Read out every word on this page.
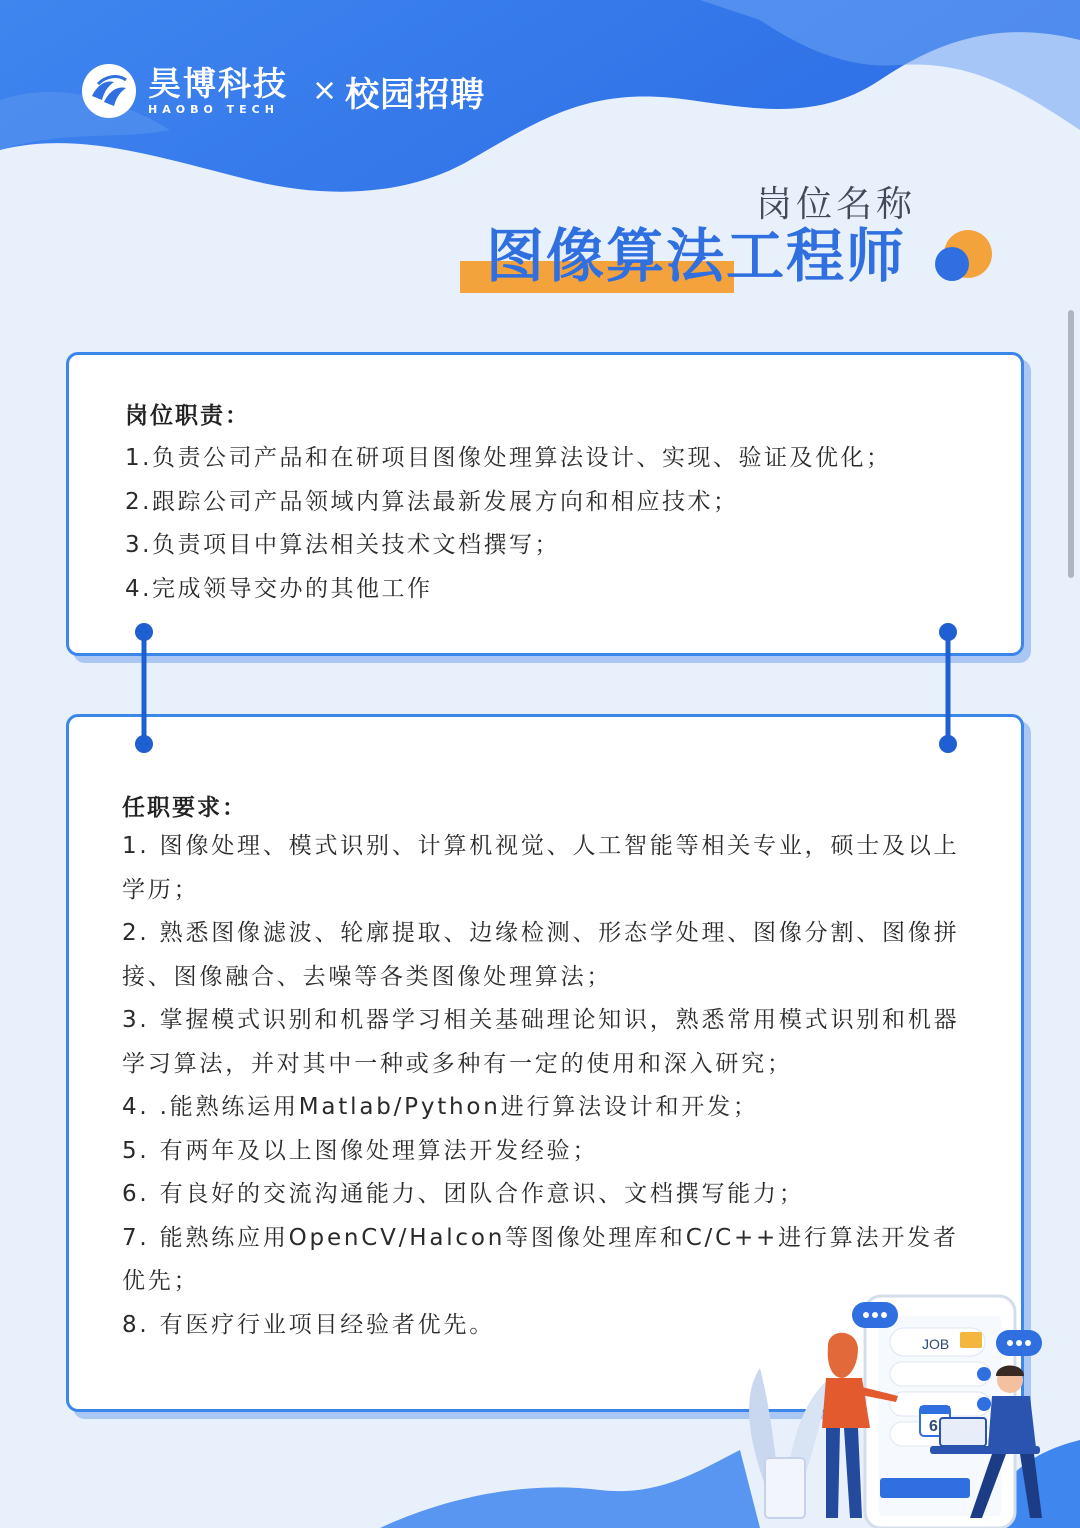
昊博科技
HAOBO TECH
× 校园招聘
岗位名称
图像算法工程师
岗位职责：
1.负责公司产品和在研项目图像处理算法设计、实现、验证及优化；
2.跟踪公司产品领域内算法最新发展方向和相应技术；
3.负责项目中算法相关技术文档撰写；
4.完成领导交办的其他工作
任职要求：
1. 图像处理、模式识别、计算机视觉、人工智能等相关专业，硕士及以上学历；
2. 熟悉图像滤波、轮廓提取、边缘检测、形态学处理、图像分割、图像拼接、图像融合、去噪等各类图像处理算法；
3. 掌握模式识别和机器学习相关基础理论知识，熟悉常用模式识别和机器学习算法，并对其中一种或多种有一定的使用和深入研究；
4. .能熟练运用Matlab/Python进行算法设计和开发；
5. 有两年及以上图像处理算法开发经验；
6. 有良好的交流沟通能力、团队合作意识、文档撰写能力；
7. 能熟练应用OpenCV/Halcon等图像处理库和C/C++进行算法开发者优先；
8. 有医疗行业项目经验者优先。
JOB
6
